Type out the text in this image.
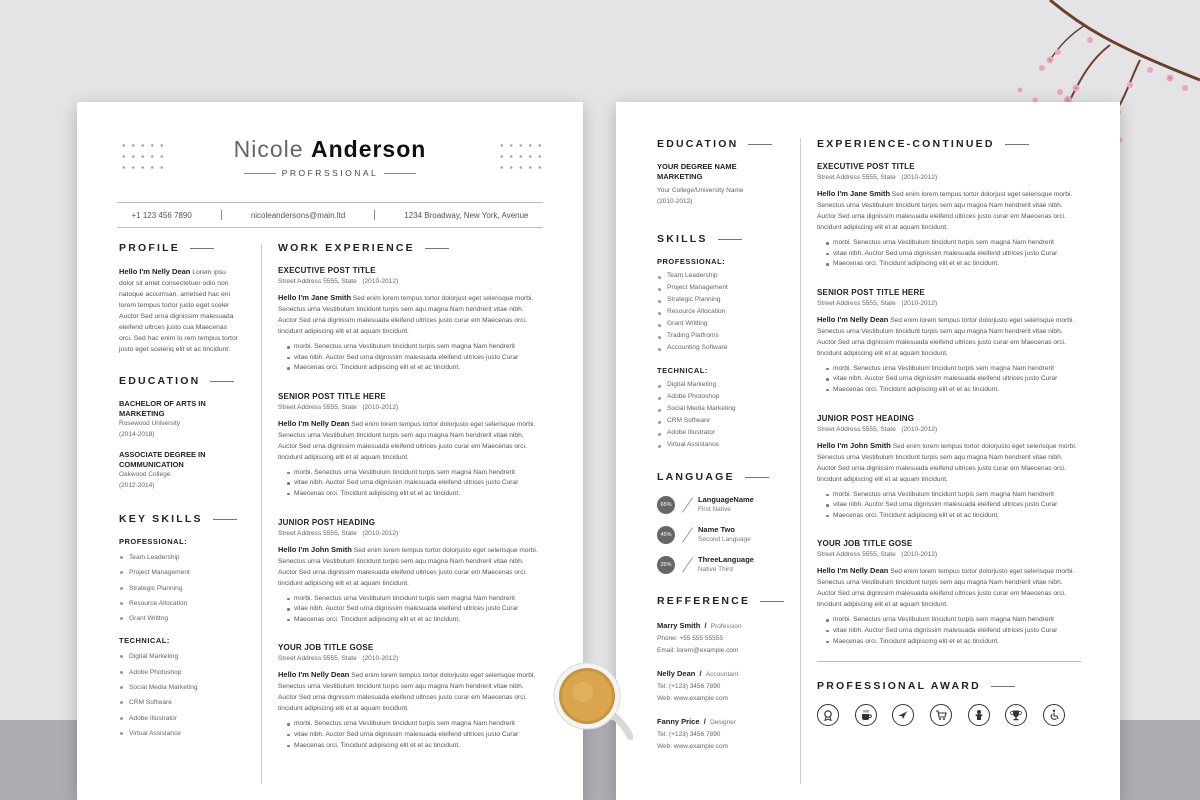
Nicole Anderson
PROFRSSIONAL
+1 123 456 7890	nicoleandersons@main.ltd	1234 Broadway, New York, Avenue
PROFILE
Hello I'm Nelly Dean Lorem ipsu dolor sit amet consectetuer odio non natoque accumsan. ametsed hac eni lorem tempus tortor justo eget sceler Auctor Sed urna dignissim malesuada eleifend ultrces justo cua Maecenas orci. Sed hac enim lo rem tempus tortor justo eget sceleriq elit et ac tincidunt.
EDUCATION
BACHELOR OF ARTS IN MARKETING
Rosewood University
(2014-2018)
ASSOCIATE DEGREE IN COMMUNICATION
Oakwood College
(2012-2014)
KEY SKILLS
PROFESSIONAL:
Team Leadership
Project Management
Strategic Planning
Resource Allocation
Grant Writtng
TECHNICAL:
Digital Marketing
Adobe Photoshop
Social Media Marketing
CRM Software
Adobe Illustrator
Virtual Assistance
WORK EXPERIENCE
EXECUTIVE POST TITLE
Street Address 5555, State (2010-2012)
Hello I'm Jane Smith Sed enim lorem tempus tortor dolorjust eget selerisque morbi. Senectus urna Vestibulum tincidunt turpis sem aqu magna Nam hendrerit vitae nibh. Auctor Sed urna dignissim malesuada eleifend ultrices justo curar em Maecenas orci. tincidunt adipiscing elit et at aquam tincidunt.
morbi. Senectus urna Vestibulum tincidunt turpis sem magna Nam hendrerit
vitae nibh. Auctor Sed urna dignissim malesuada eleifend ultrices justo Curar
Maecenas orci. Tincidunt adipiscing elit et et ac tincidunt.
SENIOR POST TITLE HERE
Street Address 5555, State (2010-2012)
Hello I'm Nelly Dean Sed enim lorem tempus tortor dolorjusto eget selerisque morbi. Senectus urna Vestibulum tincidunt turpis sem aqu magna Nam hendrerit vitae nibh. Auctor Sed urna dignissim malesuada eleifend ultrices justo curar em Maecenas orci. tincidunt adipiscing elit et at aquam tincidunt.
morbi. Senectus urna Vestibulum tincidunt turpis sem magna Nam hendrerit
vitae nibh. Auctor Sed urna dignissim malesuada eleifend ultrices justo Curar
Maecenas orci. Tincidunt adipiscing elit et et ac tincidunt.
JUNIOR POST HEADING
Street Address 5555, State (2010-2012)
Hello I'm John Smith Sed enim lorem tempus tortor dolorjusto eget selerisque morbi. Senectus urna Vestibulum tincidunt turpis sem aqu magna Nam hendrerit vitae nibh. Auctor Sed urna dignissim malesuada eleifend ultrices justo curar em Maecenas orci. tincidunt adipiscing elit et at aquam tincidunt.
morbi. Senectus urna Vestibulum tincidunt turpis sem magna Nam hendrerit
vitae nibh. Auctor Sed urna dignissim malesuada eleifend ultrices justo Curar
Maecenas orci. Tincidunt adipiscing elit et et ac tincidunt.
YOUR JOB TITLE GOSE
Street Address 5555, State (2010-2012)
Hello I'm Nelly Dean Sed enim lorem tempus tortor dolorjusto eget selerisque morbi. Senectus urna Vestibulum tincidunt turpis sem aqu magna Nam hendrerit vitae nibh. Auctor Sed urna dignissim malesuada eleifend ultrices justo curar em Maecenas orci. tincidunt adipiscing elit et at aquam tincidunt.
morbi. Senectus urna Vestibulum tincidunt turpis sem magna Nam hendrerit
vitae nibh. Auctor Sed urna dignissim malesuada eleifend ultrices justo Curar
Maecenas orci. Tincidunt adipiscing elit et et ac tincidunt.
EDUCATION
YOUR DEGREE NAME MARKETING
Your College/University Name
(2010-2012)
SKILLS
PROFESSIONAL:
Team Leadership
Project Management
Strategic Planning
Resource Allocation
Grant Writting
Trading Platfroms
Accounting Software
TECHNICAL:
Digital Marketing
Adobe Photoshop
Social Media Marketing
CRM Software
Adobe Illustrator
Virtual Assistance
LANGUAGE
65%
LanguageName
First Native
45%
Name Two
Second Language
25%
ThreeLanguage
Native Third
REFFERENCE
Marry Smith  /  Profession
Phone: +55 555 55555
Email: lorem@example.com
Nelly Dean  /  Accountant
Tel: (+123) 3456 7890
Web: www.example.com
Fanny Price  /  Designer
Tel: (+123) 3456 7890
Web: www.example.com
EXPERIENCE-CONTINUED
EXECUTIVE POST TITLE
Street Address 5555, State (2010-2012)
Hello I'm Jane Smith Sed enim lorem tempus tortor dolorjust eget selerisque morbi. Senectus urna Vestibulum tincidunt turpis sem aqu magna Nam hendrerit vitae nibh. Auctor Sed urna dignissim malesuada eleifend ultrices justo curar em Maecenas orci. tincidunt adipiscing elit et at aquam tincidunt.
morbi. Senectus urna Vestibulum tincidunt turpis sem magna Nam hendrerit
vitae nibh. Auctor Sed urna dignissim malesuada eleifend ultrices justo Curar
Maecenas orci. Tincidunt adipiscing elit et et ac tincidunt.
SENIOR POST TITLE HERE
Street Address 5555, State (2010-2012)
Hello I'm Nelly Dean Sed enim lorem tempus tortor dolorjusto eget selerisque morbi. Senectus urna Vestibulum tincidunt turpis sem aqu magna Nam hendrerit vitae nibh. Auctor Sed urna dignissim malesuada eleifend ultrices justo curar em Maecenas orci. tincidunt adipiscing elit et at aquam tincidunt.
morbi. Senectus urna Vestibulum tincidunt turpis sem magna Nam hendrerit
vitae nibh. Auctor Sed urna dignissim malesuada eleifend ultrices justo Curar
Maecenas orci. Tincidunt adipiscing elit et et ac tincidunt.
JUNIOR POST HEADING
Street Address 5555, State (2010-2012)
Hello I'm John Smith Sed enim lorem tempus tortor dolorjusto eget selerisque morbi. Senectus urna Vestibulum tincidunt turpis sem aqu magna Nam hendrerit vitae nibh. Auctor Sed urna dignissim malesuada eleifend ultrices justo curar em Maecenas orci. tincidunt adipiscing elit et at aquam tincidunt.
morbi. Senectus urna Vestibulum tincidunt turpis sem magna Nam hendrerit
vitae nibh. Auctor Sed urna dignissim malesuada eleifend ultrices justo Curar
Maecenas orci. Tincidunt adipiscing elit et et ac tincidunt.
YOUR JOB TITLE GOSE
Street Address 5555, State (2010-2012)
Hello I'm Nelly Dean Sed enim lorem tempus tortor dolorjusto eget selerisque morbi. Senectus urna Vestibulum tincidunt turpis sem aqu magna Nam hendrerit vitae nibh. Auctor Sed urna dignissim malesuada eleifend ultrices justo curar em Maecenas orci. tincidunt adipiscing elit et at aquam tincidunt.
morbi. Senectus urna Vestibulum tincidunt turpis sem magna Nam hendrerit
vitae nibh. Auctor Sed urna dignissim malesuada eleifend ultrices justo Curar
Maecenas orci. Tincidunt adipiscing elit et et ac tincidunt.
PROFESSIONAL AWARD
